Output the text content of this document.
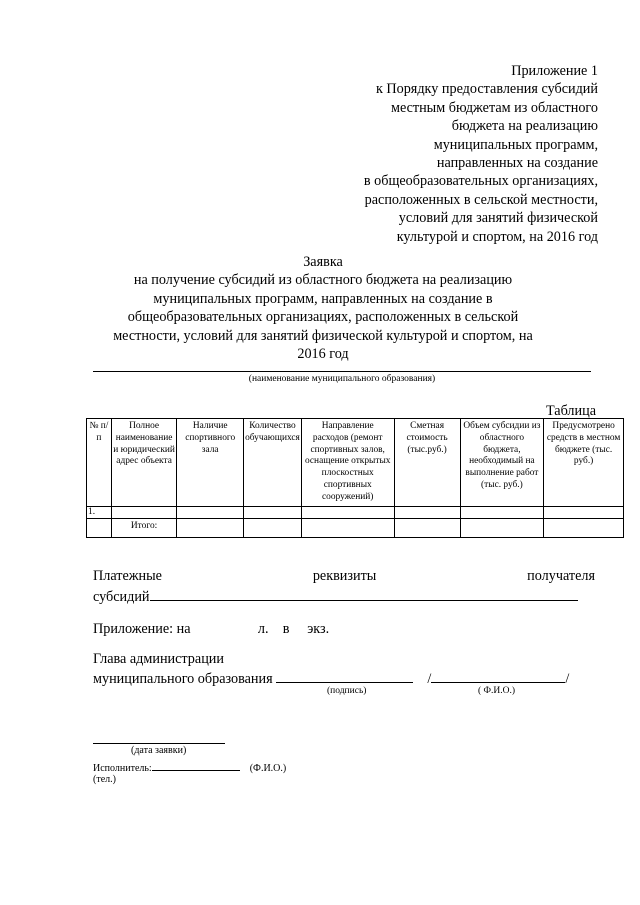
Приложение 1
к Порядку предоставления субсидий
местным бюджетам из областного
бюджета на реализацию
муниципальных программ,
направленных на создание
в общеобразовательных организациях,
расположенных в сельской местности,
условий для занятий физической
культурой и спортом, на 2016 год
Заявка
на получение субсидий из областного бюджета на реализацию
муниципальных программ, направленных на создание в
общеобразовательных организациях, расположенных в сельской
местности, условий для занятий физической культурой и спортом, на
2016 год
(наименование муниципального образования)
Таблица
№ п/п	Полное наименование и юридический адрес объекта	Наличие спортивного зала	Количество обучающихся	Направление расходов (ремонт спортивных залов, оснащение открытых плоскостных спортивных сооружений)	Сметная стоимость (тыс.руб.)	Объем субсидии из областного бюджета, необходимый на выполнение работ (тыс. руб.)	Предусмотрено средств в местном бюджете (тыс. руб.)
1.							
	Итого:						
Платежные	реквизиты	получателя
субсидий
Приложение: на	л. в экз.
Глава администрации
муниципального образования	/	/
(подпись)	( Ф.И.О.)
(дата заявки)
Исполнитель:	(Ф.И.О.)
(тел.)
